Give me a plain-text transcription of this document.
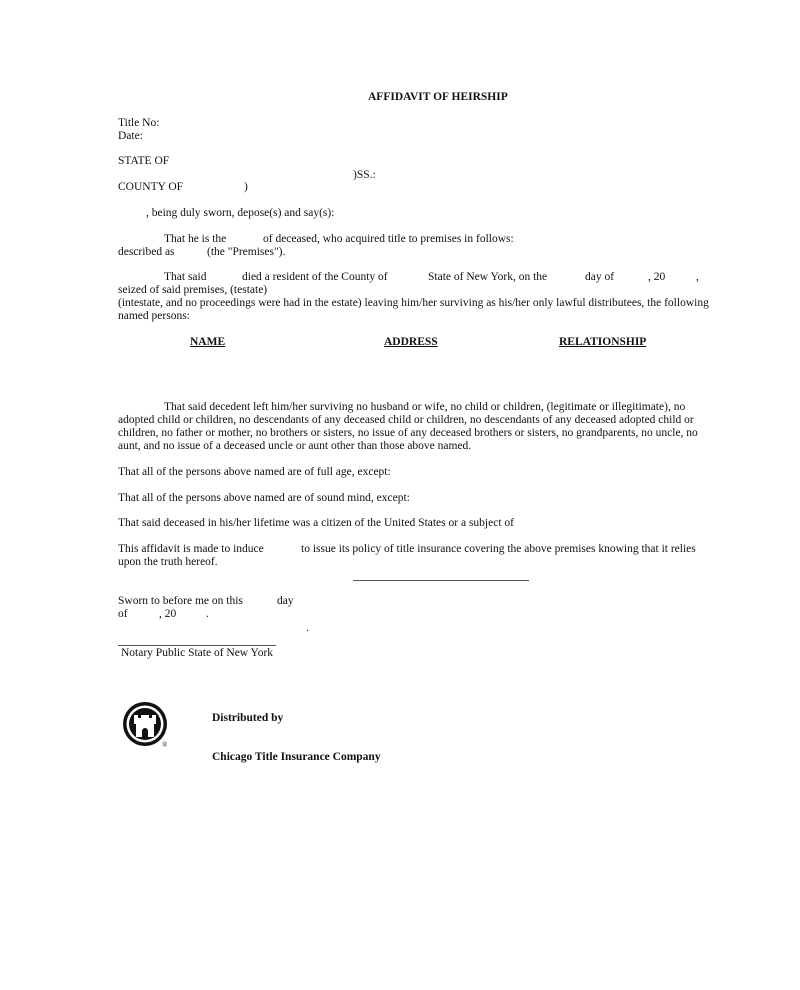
AFFIDAVIT OF HEIRSHIP
Title No:
Date:
STATE OF
)SS.:
COUNTY OF	)
, being duly sworn, depose(s) and say(s):
That he is the	of deceased, who acquired title to premises in follows:
described as	(the "Premises").
That said	died a resident of the County of	State of New York, on the	day of	, 20	,
seized of said premises, (testate)
(intestate, and no proceedings were had in the estate) leaving him/her surviving as his/her only lawful distributees, the following
named persons:
NAME	ADDRESS	RELATIONSHIP
That said decedent left him/her surviving no husband or wife, no child or children, (legitimate or illegitimate), no
adopted child or children, no descendants of any deceased child or children, no descendants of any deceased adopted child or
children, no father or mother, no brothers or sisters, no issue of any deceased brothers or sisters, no grandparents, no uncle, no
aunt, and no issue of a deceased uncle or aunt other than those above named.
That all of the persons above named are of full age, except:
That all of the persons above named are of sound mind, except:
That said deceased in his/her lifetime was a citizen of the United States or a subject of
This affidavit is made to induce	to issue its policy of title insurance covering the above premises knowing that it relies
upon the truth hereof.
Sworn to before me on this	day
of	, 20	.
.
Notary Public State of New York
®
Distributed by
Chicago Title Insurance Company
